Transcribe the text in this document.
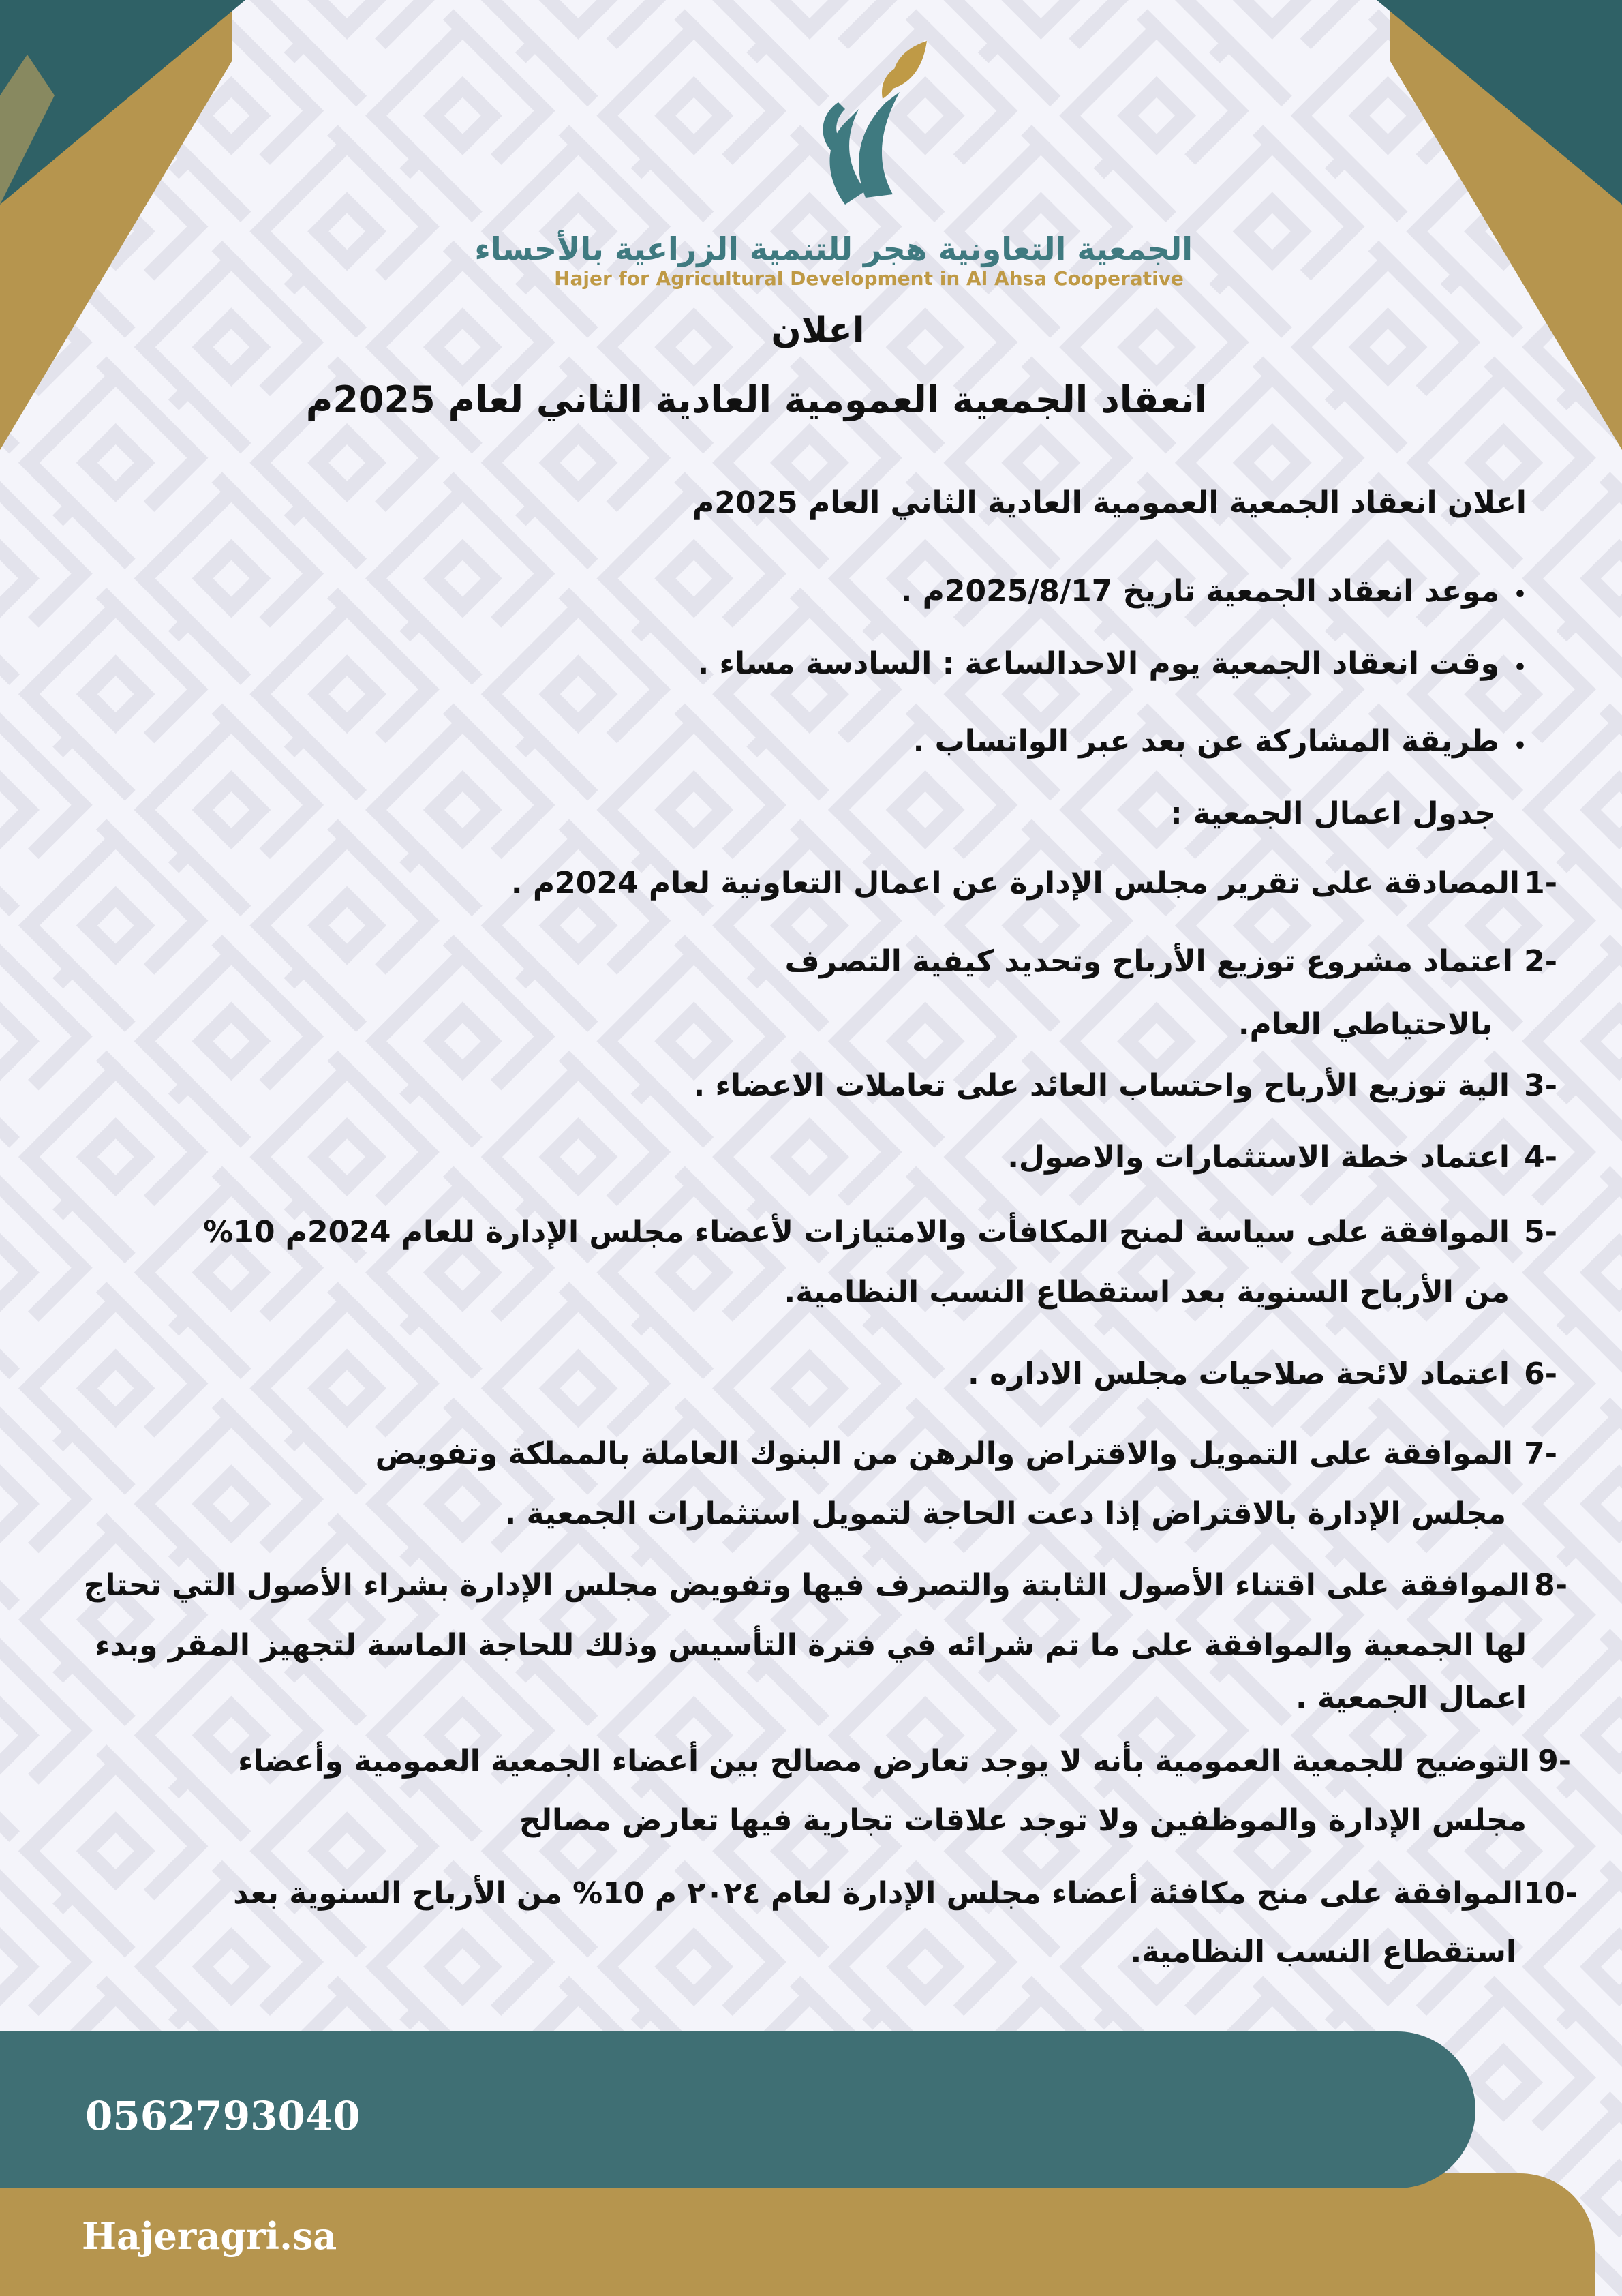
الجمعية التعاونية هجر للتنمية الزراعية بالأحساء
Hajer for Agricultural Development in Al Ahsa Cooperative
اعلان
انعقاد الجمعية العمومية العادية الثاني لعام 2025م
اعلان انعقاد الجمعية العمومية العادية الثاني العام 2025م
•
موعد انعقاد الجمعية تاريخ 2025/8/17م .
•
وقت انعقاد الجمعية يوم الاحدالساعة : السادسة مساء .
•
طريقة المشاركة عن بعد عبر الواتساب .
جدول اعمال الجمعية :
-1
المصادقة على تقرير مجلس الإدارة عن اعمال التعاونية لعام 2024م .
-2
اعتماد مشروع توزيع الأرباح وتحديد كيفية التصرف
بالاحتياطي العام.
-3
الية توزيع الأرباح واحتساب العائد على تعاملات الاعضاء .
-4
اعتماد خطة الاستثمارات والاصول.
-5
الموافقة على سياسة لمنح المكافأت والامتيازات لأعضاء مجلس الإدارة للعام 2024م 10%
من الأرباح السنوية بعد استقطاع النسب النظامية.
-6
اعتماد لائحة صلاحيات مجلس الاداره .
-7
الموافقة على التمويل والاقتراض والرهن من البنوك العاملة بالمملكة وتفويض
مجلس الإدارة بالاقتراض إذا دعت الحاجة لتمويل استثمارات الجمعية .
-8
الموافقة على اقتناء الأصول الثابتة والتصرف فيها وتفويض مجلس الإدارة بشراء الأصول التي تحتاج
لها الجمعية والموافقة على ما تم شرائه في فترة التأسيس وذلك للحاجة الماسة لتجهيز المقر وبدء
اعمال الجمعية .
-9
التوضيح للجمعية العمومية بأنه لا يوجد تعارض مصالح بين أعضاء الجمعية العمومية وأعضاء
مجلس الإدارة والموظفين ولا توجد علاقات تجارية فيها تعارض مصالح
-10
الموافقة على منح مكافئة أعضاء مجلس الإدارة لعام ٢٠٢٤ م 10% من الأرباح السنوية بعد
استقطاع النسب النظامية.
0562793040
Hajeragri.sa
